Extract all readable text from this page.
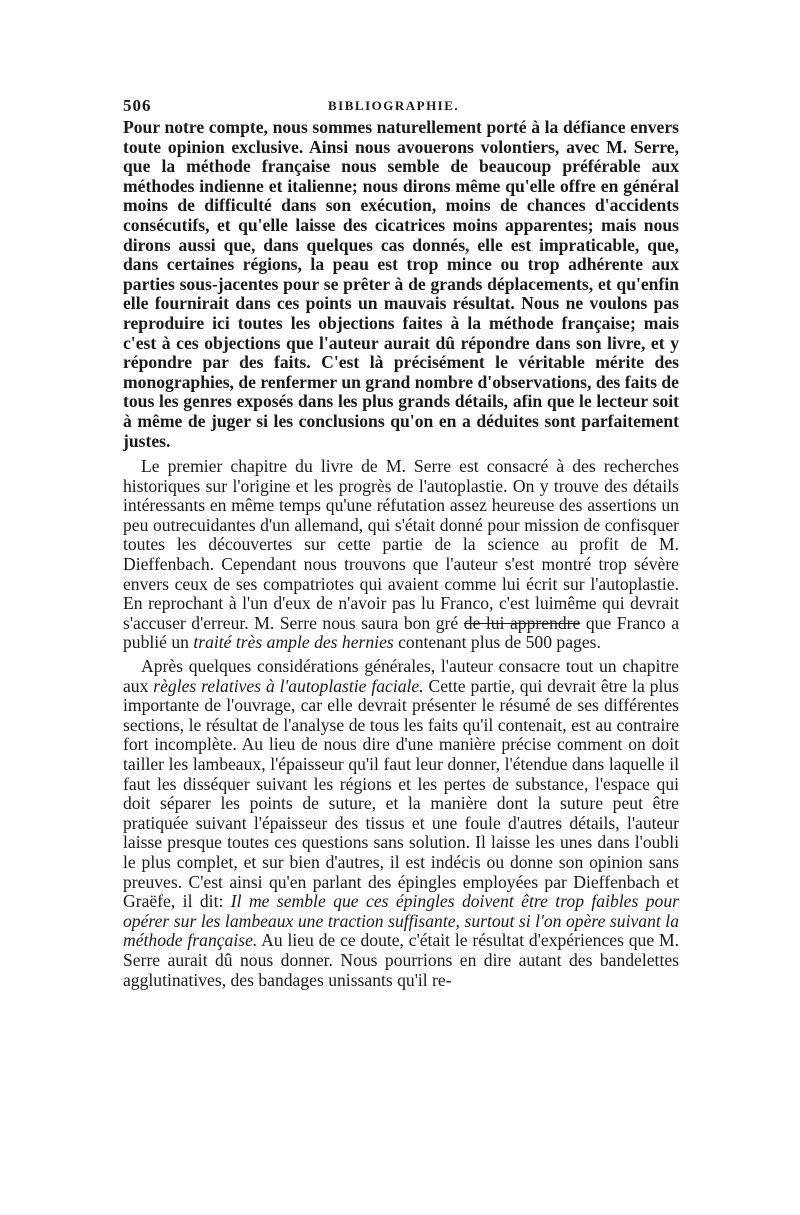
506	BIBLIOGRAPHIE.

Pour notre compte, nous sommes naturellement porté à la défiance envers toute opinion exclusive. Ainsi nous avouerons volontiers, avec M. Serre, que la méthode française nous semble de beaucoup préférable aux méthodes indienne et italienne; nous dirons même qu'elle offre en général moins de difficulté dans son exécution, moins de chances d'accidents consécutifs, et qu'elle laisse des cicatrices moins apparentes; mais nous dirons aussi que, dans quelques cas donnés, elle est impraticable, que, dans certaines régions, la peau est trop mince ou trop adhérente aux parties sous-jacentes pour se prêter à de grands déplacements, et qu'enfin elle fournirait dans ces points un mauvais résultat. Nous ne voulons pas reproduire ici toutes les objections faites à la méthode française; mais c'est à ces objections que l'auteur aurait dû répondre dans son livre, et y répondre par des faits. C'est là précisément le véritable mérite des monographies, de renfermer un grand nombre d'observations, des faits de tous les genres exposés dans les plus grands détails, afin que le lecteur soit à même de juger si les conclusions qu'on en a déduites sont parfaitement justes.

Le premier chapitre du livre de M. Serre est consacré à des recherches historiques sur l'origine et les progrès de l'autoplastie. On y trouve des détails intéressants en même temps qu'une réfutation assez heureuse des assertions un peu outrecuidantes d'un allemand, qui s'était donné pour mission de confisquer toutes les découvertes sur cette partie de la science au profit de M. Dieffenbach. Cependant nous trouvons que l'auteur s'est montré trop sévère envers ceux de ses compatriotes qui avaient comme lui écrit sur l'autoplastie. En reprochant à l'un d'eux de n'avoir pas lu Franco, c'est luimême qui devrait s'accuser d'erreur. M. Serre nous saura bon gré de lui apprendre que Franco a publié un traité très ample des hernies contenant plus de 500 pages.

Après quelques considérations générales, l'auteur consacre tout un chapitre aux règles relatives à l'autoplastie faciale. Cette partie, qui devrait être la plus importante de l'ouvrage, car elle devrait présenter le résumé de ses différentes sections, le résultat de l'analyse de tous les faits qu'il contenait, est au contraire fort incomplète. Au lieu de nous dire d'une manière précise comment on doit tailler les lambeaux, l'épaisseur qu'il faut leur donner, l'étendue dans laquelle il faut les disséquer suivant les régions et les pertes de substance, l'espace qui doit séparer les points de suture, et la manière dont la suture peut être pratiquée suivant l'épaisseur des tissus et une foule d'autres détails, l'auteur laisse presque toutes ces questions sans solution. Il laisse les unes dans l'oubli le plus complet, et sur bien d'autres, il est indécis ou donne son opinion sans preuves. C'est ainsi qu'en parlant des épingles employées par Dieffenbach et Graëfe, il dit: Il me semble que ces épingles doivent être trop faibles pour opérer sur les lambeaux une traction suffisante, surtout si l'on opère suivant la méthode française. Au lieu de ce doute, c'était le résultat d'expériences que M. Serre aurait dû nous donner. Nous pourrions en dire autant des bandelettes agglutinatives, des bandages unissants qu'il re-
